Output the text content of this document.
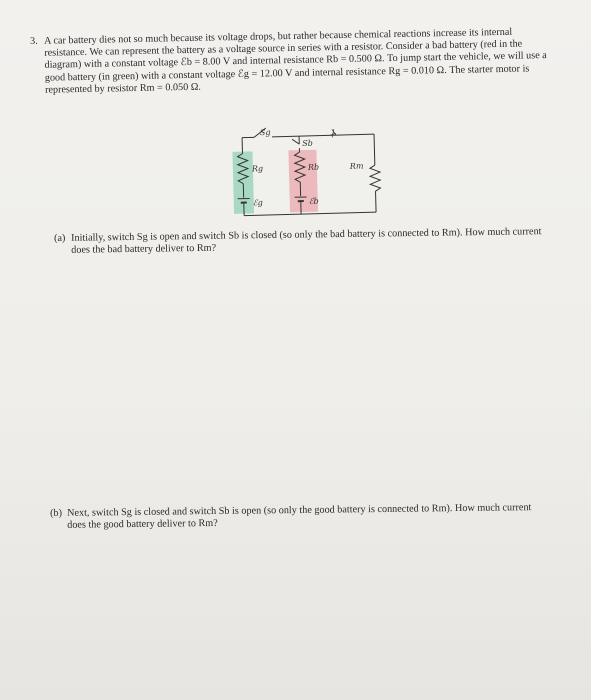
3. A car battery dies not so much because its voltage drops, but rather because chemical reactions increase its internal resistance. We can represent the battery as a voltage source in series with a resistor. Consider a bad battery (red in the diagram) with a constant voltage ℰb = 8.00 V and internal resistance Rb = 0.500 Ω. To jump start the vehicle, we will use a good battery (in green) with a constant voltage ℰg = 12.00 V and internal resistance Rg = 0.010 Ω. The starter motor is represented by resistor Rm = 0.050 Ω.
Sg
Sb
Rg	Rb	Rm
ℰg	ℰb
(a) Initially, switch Sg is open and switch Sb is closed (so only the bad battery is connected to Rm). How much current does the bad battery deliver to Rm?
(b) Next, switch Sg is closed and switch Sb is open (so only the good battery is connected to Rm). How much current does the good battery deliver to Rm?
